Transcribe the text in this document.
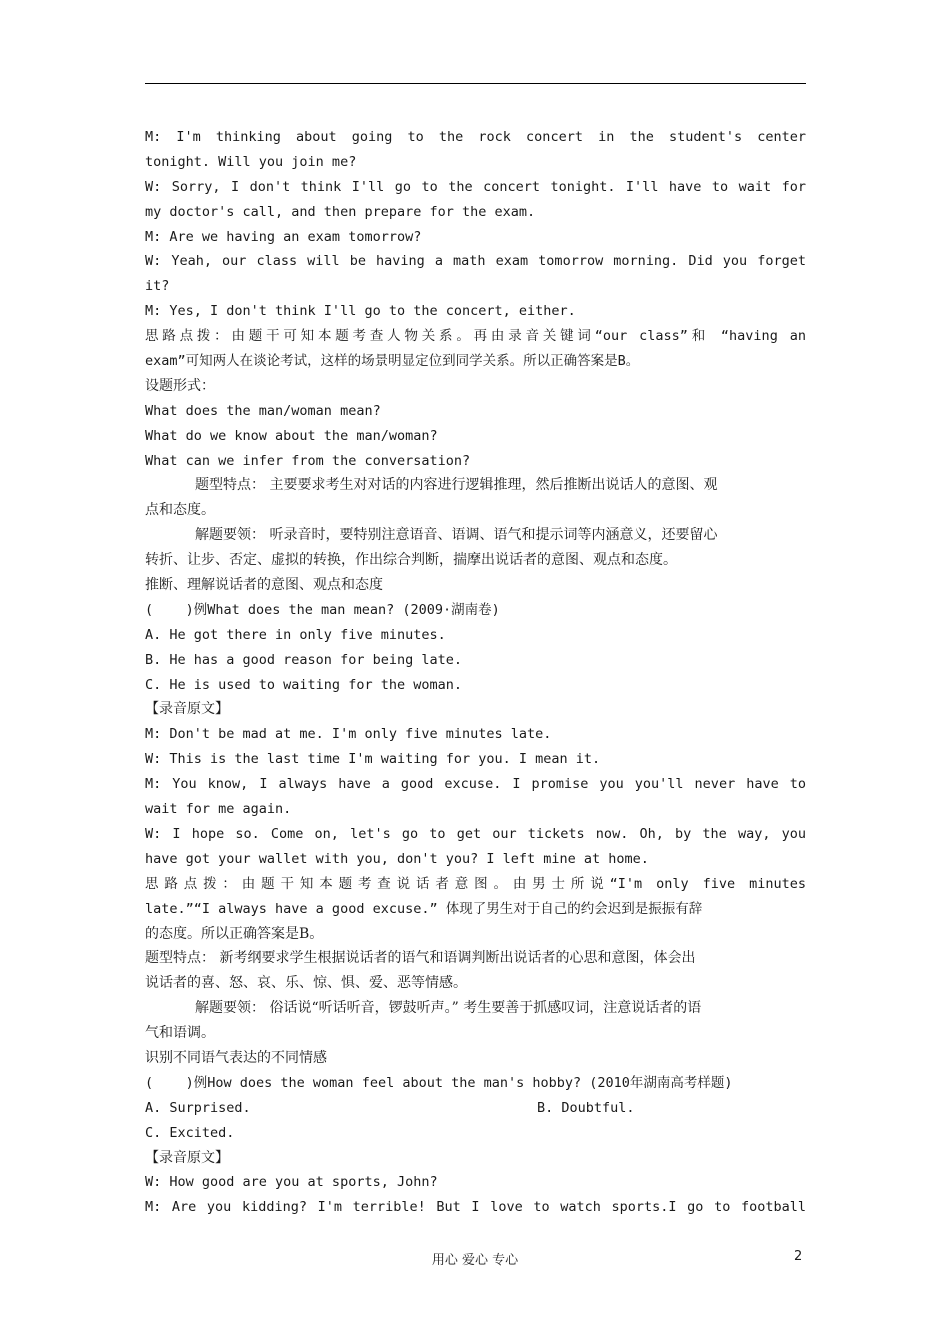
M: I'm thinking about going to the rock concert in the student's center
tonight. Will you join me?
W: Sorry, I don't think I'll go to the concert tonight. I'll have to wait for
my doctor's call, and then prepare for the exam.
M: Are we having an exam tomorrow?
W: Yeah, our class will be having a math exam tomorrow morning. Did you forget
it?
M: Yes, I don't think I'll go to the concert, either.
思路点拨：由题干可知本题考查人物关系。再由录音关键词“our class”和 “having an
exam”可知两人在谈论考试，这样的场景明显定位到同学关系。所以正确答案是B。
设题形式：
What does the man/woman mean?
What do we know about the man/woman?
What can we infer from the conversation?
题型特点： 主要要求考生对对话的内容进行逻辑推理，然后推断出说话人的意图、观
点和态度。
解题要领： 听录音时，要特别注意语音、语调、语气和提示词等内涵意义，还要留心
转折、让步、否定、虚拟的转换，作出综合判断，揣摩出说话者的意图、观点和态度。
推断、理解说话者的意图、观点和态度
(    )例What does the man mean? (2009·湖南卷)
A. He got there in only five minutes.
B. He has a good reason for being late.
C. He is used to waiting for the woman.
【录音原文】
M: Don't be mad at me. I'm only five minutes late.
W: This is the last time I'm waiting for you. I mean it.
M: You know, I always have a good excuse. I promise you you'll never have to
wait for me again.
W: I hope so. Come on, let's go to get our tickets now. Oh, by the way, you
have got your wallet with you, don't you? I left mine at home.
思路点拨：由题干知本题考查说话者意图。由男士所说“I'm only five minutes
late.”“I always have a good excuse.” 体现了男生对于自己的约会迟到是振振有辞
的态度。所以正确答案是B。
题型特点： 新考纲要求学生根据说话者的语气和语调判断出说话者的心思和意图，体会出
说话者的喜、怒、哀、乐、惊、惧、爱、恶等情感。
解题要领： 俗话说“听话听音，锣鼓听声。” 考生要善于抓感叹词，注意说话者的语
气和语调。
识别不同语气表达的不同情感
(    )例How does the woman feel about the man's hobby? (2010年湖南高考样题)
A. Surprised.	B. Doubtful.
C. Excited.
【录音原文】
W: How good are you at sports, John?
M: Are you kidding? I'm terrible! But I love to watch sports.I go to football
用心 爱心 专心	2
